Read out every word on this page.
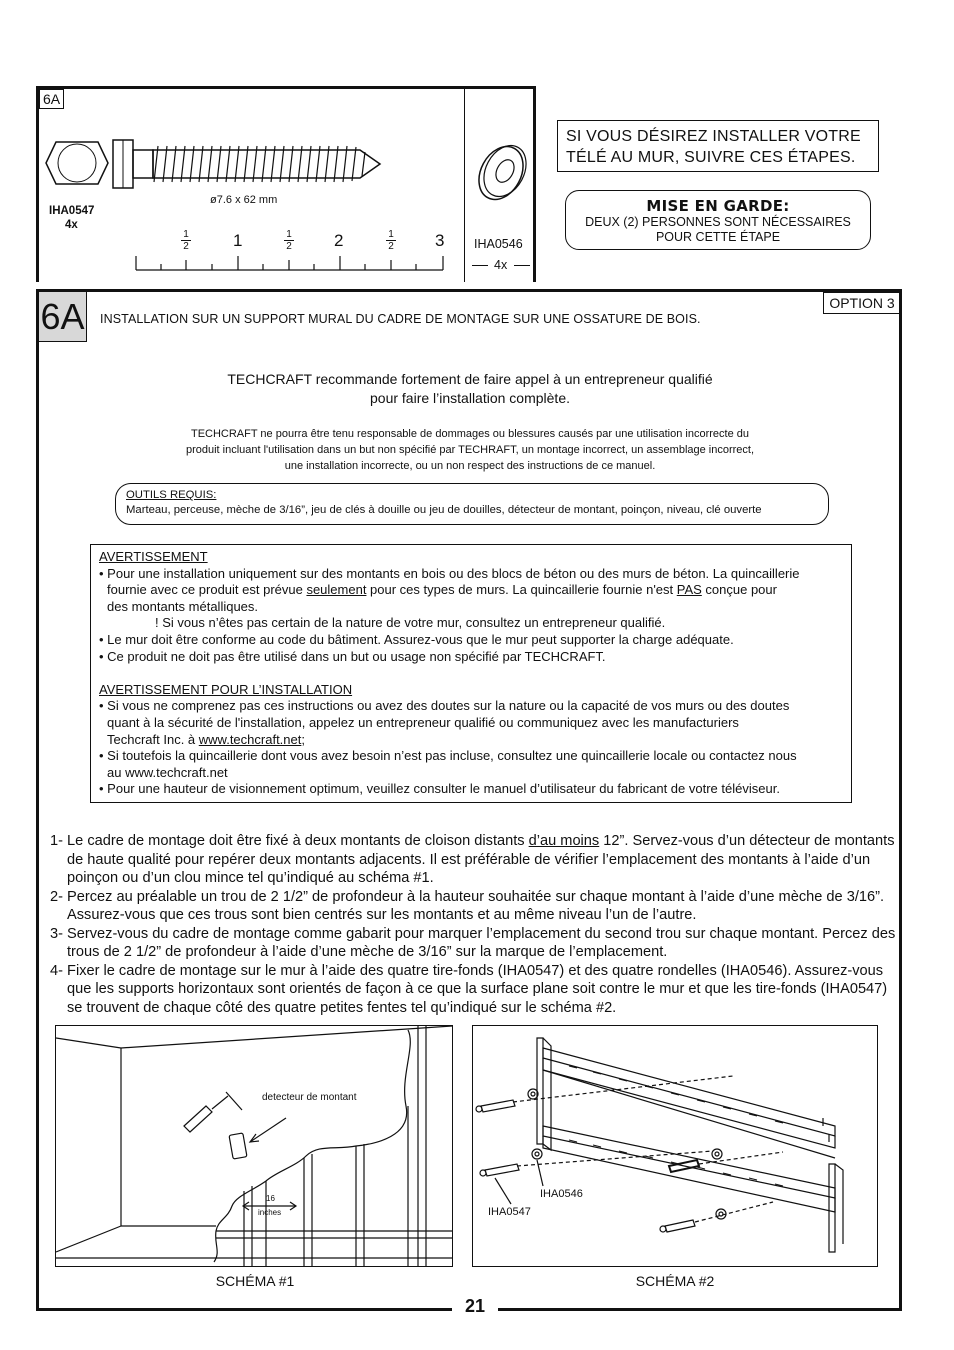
6A
IHA0547
4x
ø7.6 x 62 mm
1
2	1	1
2 2	1
2 3 IHA0546
4x
SI VOUS DÉSIREZ INSTALLER VOTRE TÉLÉ AU MUR, SUIVRE CES ÉTAPES.
MISE EN GARDE:
DEUX (2) PERSONNES SONT NÉCESSAIRES
POUR CETTE ÉTAPE
21
6A INSTALLATION SUR UN SUPPORT MURAL DU CADRE DE MONTAGE SUR UNE OSSATURE DE BOIS.
OPTION 3
TECHCRAFT recommande fortement de faire appel à un entrepreneur qualifié
pour faire l’installation complète.
TECHCRAFT ne pourra être tenu responsable de dommages ou blessures causés par une utilisation incorrecte du
produit incluant l'utilisation dans un but non spécifié par TECHRAFT, un montage incorrect, un assemblage incorrect,
une installation incorrecte, ou un non respect des instructions de ce manuel.
OUTILS REQUIS:
Marteau, perceuse, mèche de 3/16”, jeu de clés à douille ou jeu de douilles, détecteur de montant, poinçon, niveau, clé ouverte

AVERTISSEMENT

• Pour une installation uniquement sur des montants en bois ou des blocs de béton ou des murs de béton. La quincaillerie

fournie avec ce produit est prévue seulement pour ces types de murs. La quincaillerie fournie n'est PAS conçue pour

des montants métalliques.

! Si vous n’êtes pas certain de la nature de votre mur, consultez un entrepreneur qualifié.

• Le mur doit être conforme au code du bâtiment. Assurez-vous que le mur peut supporter la charge adéquate.

• Ce produit ne doit pas être utilisé dans un but ou usage non spécifié par TECHCRAFT.

AVERTISSEMENT POUR L’INSTALLATION

• Si vous ne comprenez pas ces instructions ou avez des doutes sur la nature ou la capacité de vos murs ou des doutes

quant à la sécurité de l'installation, appelez un entrepreneur qualifié ou communiquez avec les manufacturiers

Techcraft Inc. à www.techcraft.net;

• Si toutefois la quincaillerie dont vous avez besoin n’est pas incluse, consultez une quincaillerie locale ou contactez nous

au www.techcraft.net

• Pour une hauteur de visionnement optimum, veuillez consulter le manuel d’utilisateur du fabricant de votre téléviseur.

1- Le cadre de montage doit être fixé à deux montants de cloison distants d’au moins 12”. Servez-vous d’un détecteur de montants de haute qualité pour repérer deux montants adjacents. Il est préférable de vérifier l’emplacement des montants à l’aide d’un poinçon ou d’un clou mince tel qu’indiqué au schéma #1.

2- Percez au préalable un trou de 2 1/2” de profondeur à la hauteur souhaitée sur chaque montant à l’aide d’une mèche de 3/16”. Assurez-vous que ces trous sont bien centrés sur les montants et au même niveau l’un de l’autre.

3- Servez-vous du cadre de montage comme gabarit pour marquer l’emplacement du second trou sur chaque montant. Percez des trous de 2 1/2” de profondeur à l’aide d’une mèche de 3/16” sur la marque de l’emplacement.

4- Fixer le cadre de montage sur le mur à l’aide des quatre tire-fonds (IHA0547) et des quatre rondelles (IHA0546). Assurez-vous que les supports horizontaux sont orientés de façon à ce que la surface plane soit contre le mur et que les tire-fonds (IHA0547) se trouvent de chaque côté des quatre petites fentes tel qu’indiqué sur le schéma #2.

detecteur de montant
16
inches
SCHÉMA #1
IHA0546
IHA0547
SCHÉMA #2
